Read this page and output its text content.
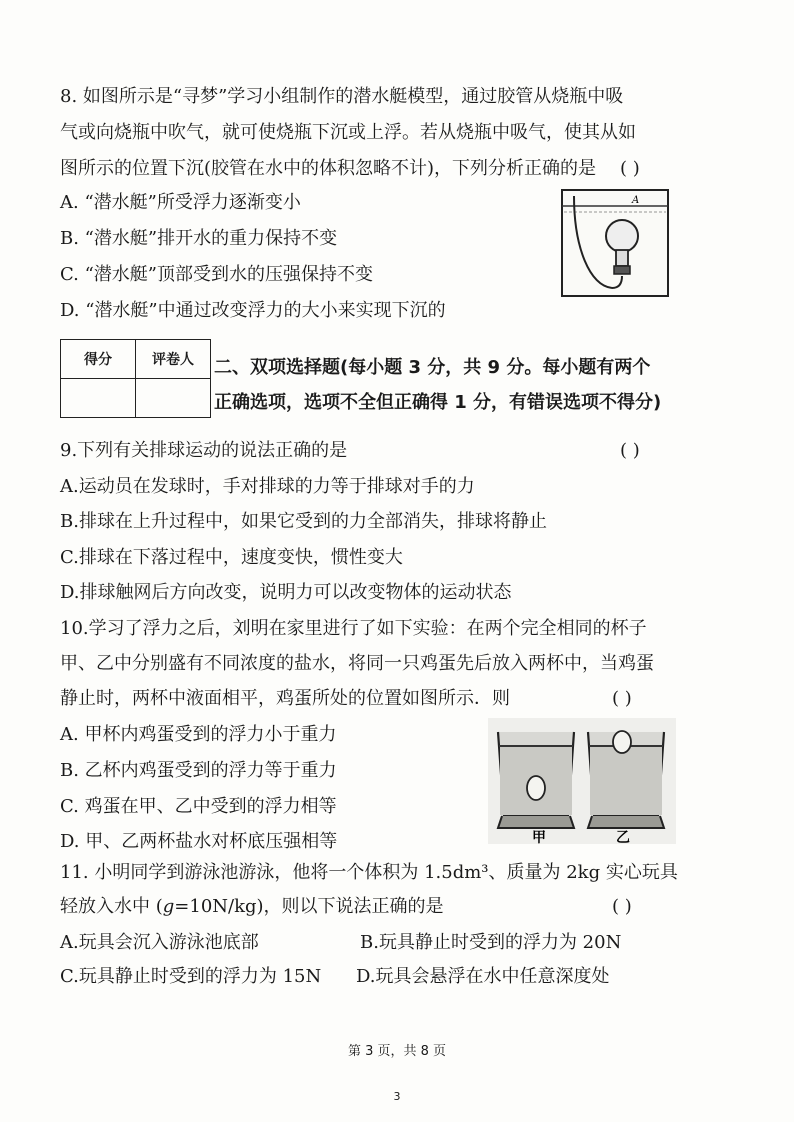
8. 如图所示是“寻梦”学习小组制作的潜水艇模型，通过胶管从烧瓶中吸
气或向烧瓶中吹气，就可使烧瓶下沉或上浮。若从烧瓶中吸气，使其从如
图所示的位置下沉(胶管在水中的体积忽略不计)，下列分析正确的是 ( )
A. “潜水艇”所受浮力逐渐变小
B. “潜水艇”排开水的重力保持不变
C. “潜水艇”顶部受到水的压强保持不变
D. “潜水艇”中通过改变浮力的大小来实现下沉的
A
得分	评卷人
	二、双项选择题(每小题 3 分，共 9 分。每小题有两个
正确选项，选项不全但正确得 1 分，有错误选项不得分)
9.下列有关排球运动的说法正确的是	( )
A.运动员在发球时，手对排球的力等于排球对手的力
B.排球在上升过程中，如果它受到的力全部消失，排球将静止
C.排球在下落过程中，速度变快，惯性变大
D.排球触网后方向改变，说明力可以改变物体的运动状态
10.学习了浮力之后，刘明在家里进行了如下实验：在两个完全相同的杯子
甲、乙中分别盛有不同浓度的盐水，将同一只鸡蛋先后放入两杯中，当鸡蛋
静止时，两杯中液面相平，鸡蛋所处的位置如图所示．则	( )
A. 甲杯内鸡蛋受到的浮力小于重力
B. 乙杯内鸡蛋受到的浮力等于重力
C. 鸡蛋在甲、乙中受到的浮力相等
D. 甲、乙两杯盐水对杯底压强相等	甲	乙
11. 小明同学到游泳池游泳，他将一个体积为 1.5dm³、质量为 2kg 实心玩具
轻放入水中 (g=10N/kg)，则以下说法正确的是	( )
A.玩具会沉入游泳池底部	B.玩具静止时受到的浮力为 20N
C.玩具静止时受到的浮力为 15N D.玩具会悬浮在水中任意深度处
第 3 页，共 8 页
3
